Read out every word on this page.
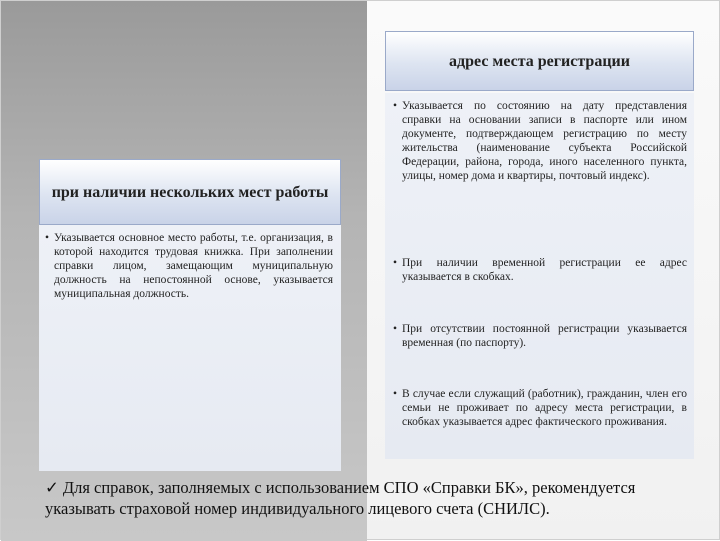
адрес места регистрации
• Указывается по состоянию на дату представления справки на основании записи в паспорте или ином документе, подтверждающем регистрацию по месту жительства (наименование субъекта Российской Федерации, района, города, иного населенного пункта, улицы, номер дома и квартиры, почтовый индекс).
• При наличии временной регистрации ее адрес указывается в скобках.
• При отсутствии постоянной регистрации указывается временная (по паспорту).
• В случае если служащий (работник), гражданин, член его семьи не проживает по адресу места регистрации, в скобках указывается адрес фактического проживания.
при наличии нескольких мест работы
• Указывается основное место работы, т.е. организация, в которой находится трудовая книжка. При заполнении справки лицом, замещающим муниципальную должность на непостоянной основе, указывается муниципальная должность.
✓ Для справок, заполняемых с использованием СПО «Справки БК», рекомендуется указывать страховой номер индивидуального лицевого счета (СНИЛС).
